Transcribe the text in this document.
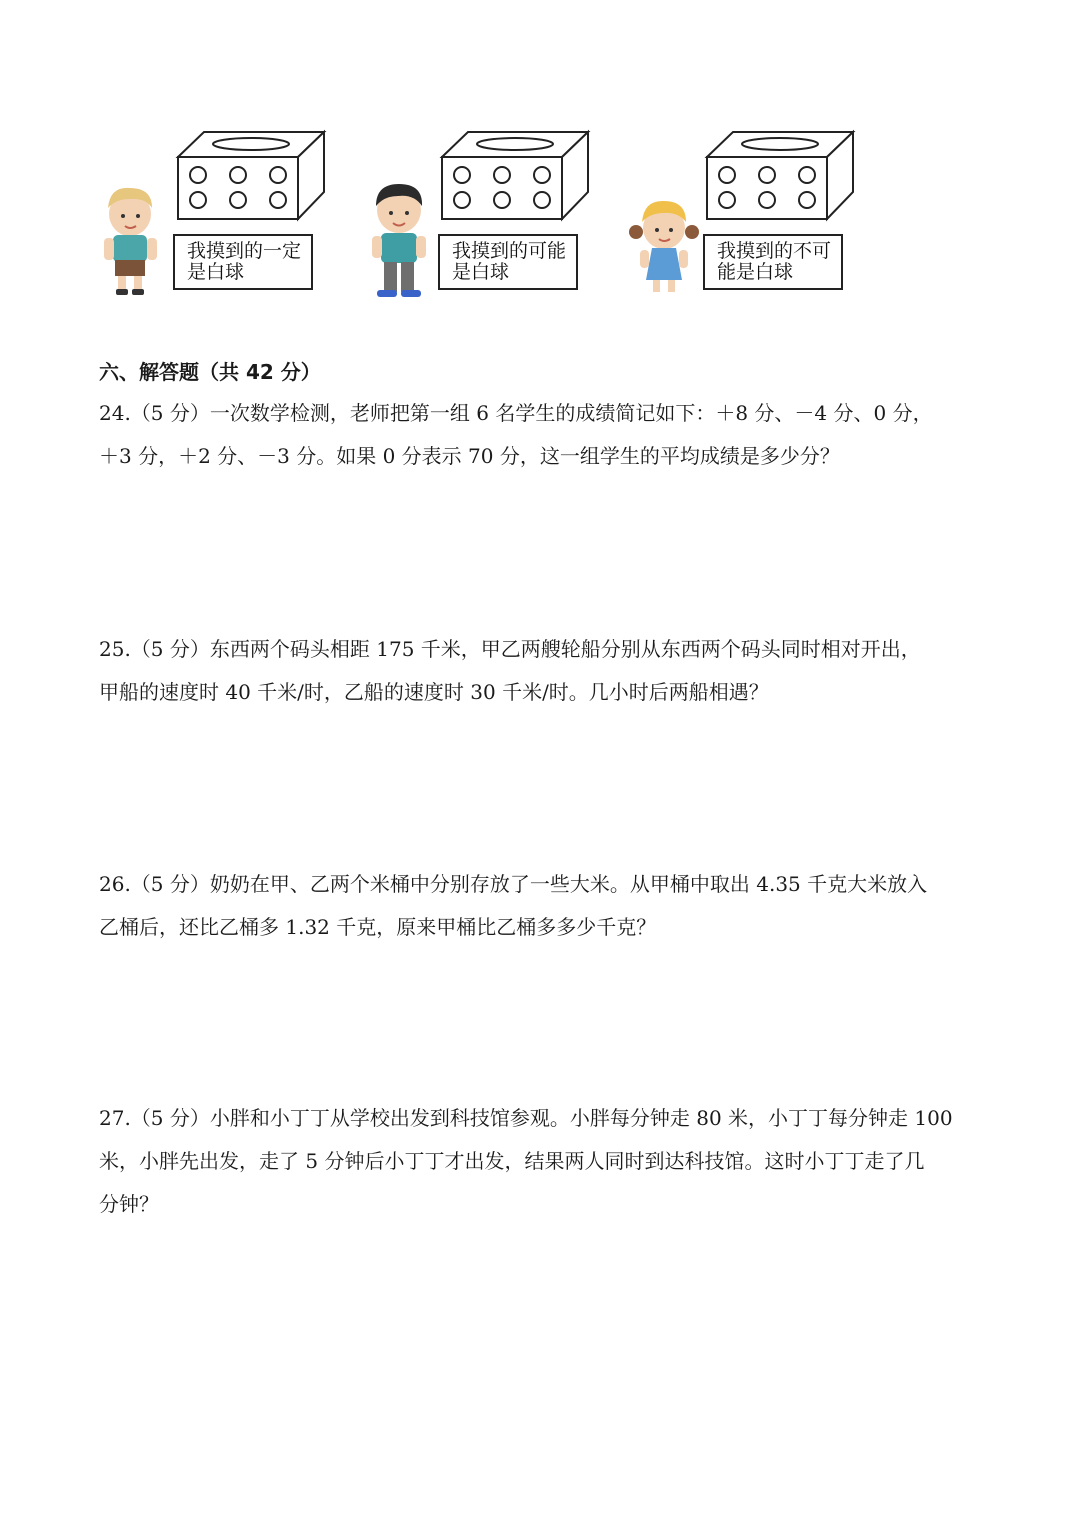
我摸到的一定
是白球
我摸到的可能
是白球
我摸到的不可
能是白球
六、解答题（共 42 分）
24.（5 分）一次数学检测，老师把第一组 6 名学生的成绩简记如下：＋8 分、－4 分、0 分，
＋3 分，＋2 分、－3 分。如果 0 分表示 70 分，这一组学生的平均成绩是多少分？
25.（5 分）东西两个码头相距 175 千米，甲乙两艘轮船分别从东西两个码头同时相对开出，
甲船的速度时 40 千米/时，乙船的速度时 30 千米/时。几小时后两船相遇？
26.（5 分）奶奶在甲、乙两个米桶中分别存放了一些大米。从甲桶中取出 4.35 千克大米放入
乙桶后，还比乙桶多 1.32 千克，原来甲桶比乙桶多多少千克？
27.（5 分）小胖和小丁丁从学校出发到科技馆参观。小胖每分钟走 80 米，小丁丁每分钟走 100
米，小胖先出发，走了 5 分钟后小丁丁才出发，结果两人同时到达科技馆。这时小丁丁走了几
分钟？
